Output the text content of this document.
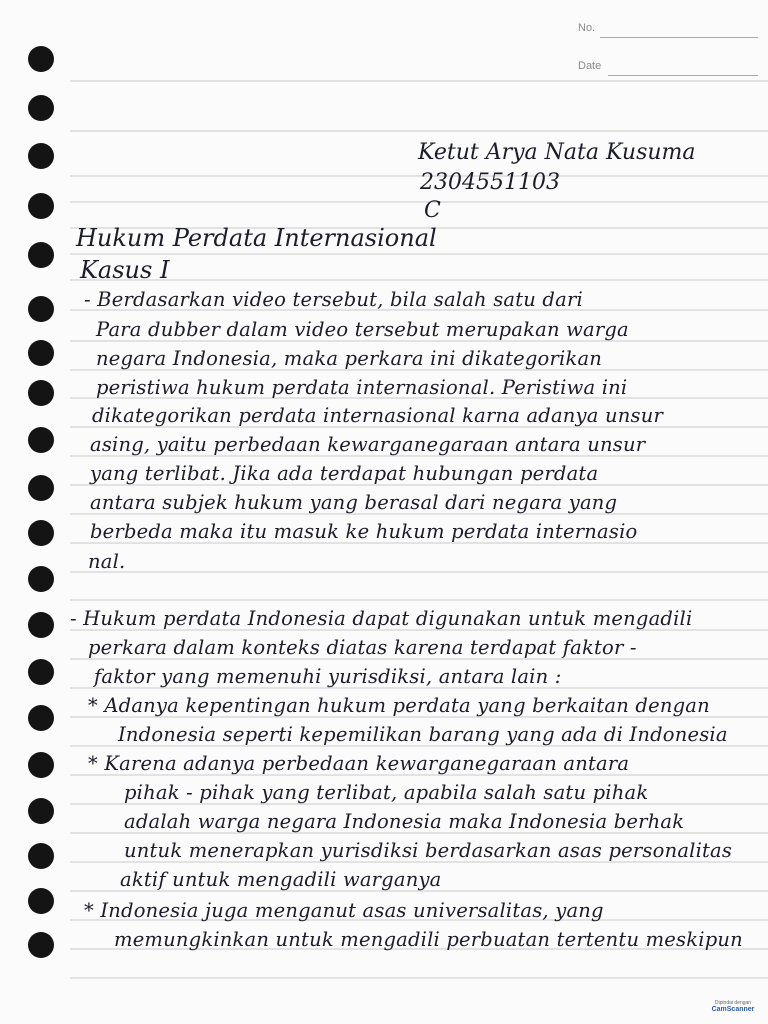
No.
Date
Ketut Arya Nata Kusuma
2304551103
C
Hukum Perdata Internasional
Kasus I
- Berdasarkan video tersebut, bila salah satu dari
Para dubber dalam video tersebut merupakan warga
negara Indonesia, maka perkara ini dikategorikan
peristiwa hukum perdata internasional. Peristiwa ini
dikategorikan perdata internasional karna adanya unsur
asing, yaitu perbedaan kewarganegaraan antara unsur
yang terlibat. Jika ada terdapat hubungan perdata
antara subjek hukum yang berasal dari negara yang
berbeda maka itu masuk ke hukum perdata internasio
nal.
- Hukum perdata Indonesia dapat digunakan untuk mengadili
perkara dalam konteks diatas karena terdapat faktor -
faktor yang memenuhi yurisdiksi, antara lain :
* Adanya kepentingan hukum perdata yang berkaitan dengan
Indonesia seperti kepemilikan barang yang ada di Indonesia
* Karena adanya perbedaan kewarganegaraan antara
pihak - pihak yang terlibat, apabila salah satu pihak
adalah warga negara Indonesia maka Indonesia berhak
untuk menerapkan yurisdiksi berdasarkan asas personalitas
aktif untuk mengadili warganya
* Indonesia juga menganut asas universalitas, yang
memungkinkan untuk mengadili perbuatan tertentu meskipun
Dipindai dengan
CamScanner
